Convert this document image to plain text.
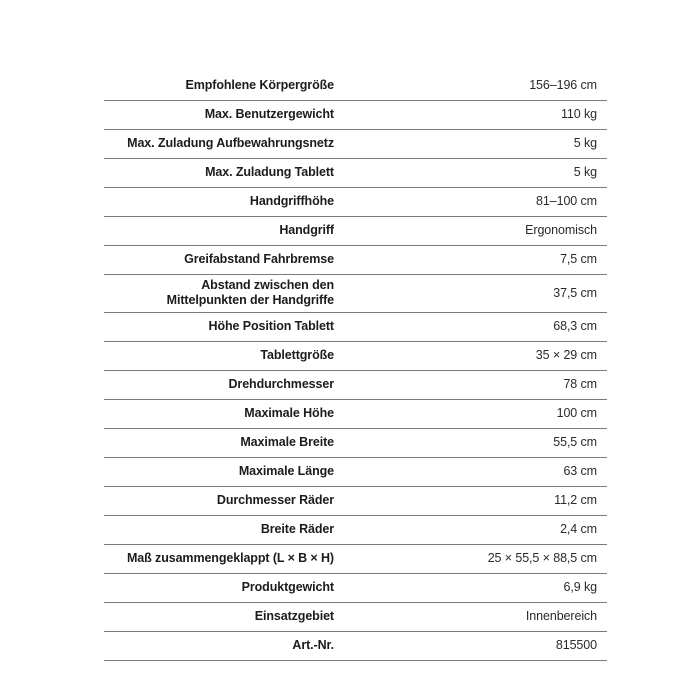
Empfohlene Körpergröße		156–196 cm
Max. Benutzergewicht		110 kg
Max. Zuladung Aufbewahrungsnetz		5 kg
Max. Zuladung Tablett		5 kg
Handgriffhöhe		81–100 cm
Handgriff		Ergonomisch
Greifabstand Fahrbremse		7,5 cm
Abstand zwischen den
Mittelpunkten der Handgriffe		37,5 cm
Höhe Position Tablett		68,3 cm
Tablettgröße		35 × 29 cm
Drehdurchmesser		78 cm
Maximale Höhe		100 cm
Maximale Breite		55,5 cm
Maximale Länge		63 cm
Durchmesser Räder		11,2 cm
Breite Räder		2,4 cm
Maß zusammengeklappt (L × B × H)		25 × 55,5 × 88,5 cm
Produktgewicht		6,9 kg
Einsatzgebiet		Innenbereich
Art.-Nr.		815500
